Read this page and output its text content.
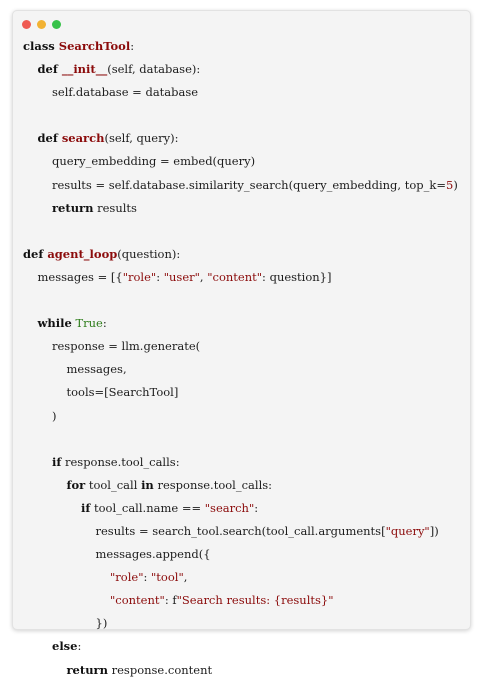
class SearchTool:
def __init__(self, database):
self.database = database
def search(self, query):
query_embedding = embed(query)
results = self.database.similarity_search(query_embedding, top_k=5)
return results
def agent_loop(question):
messages = [{"role": "user", "content": question}]
while True:
response = llm.generate(
messages,
tools=[SearchTool]
)
if response.tool_calls:
for tool_call in response.tool_calls:
if tool_call.name == "search":
results = search_tool.search(tool_call.arguments["query"])
messages.append({
"role": "tool",
"content": f"Search results: {results}"
})
else:
return response.content
